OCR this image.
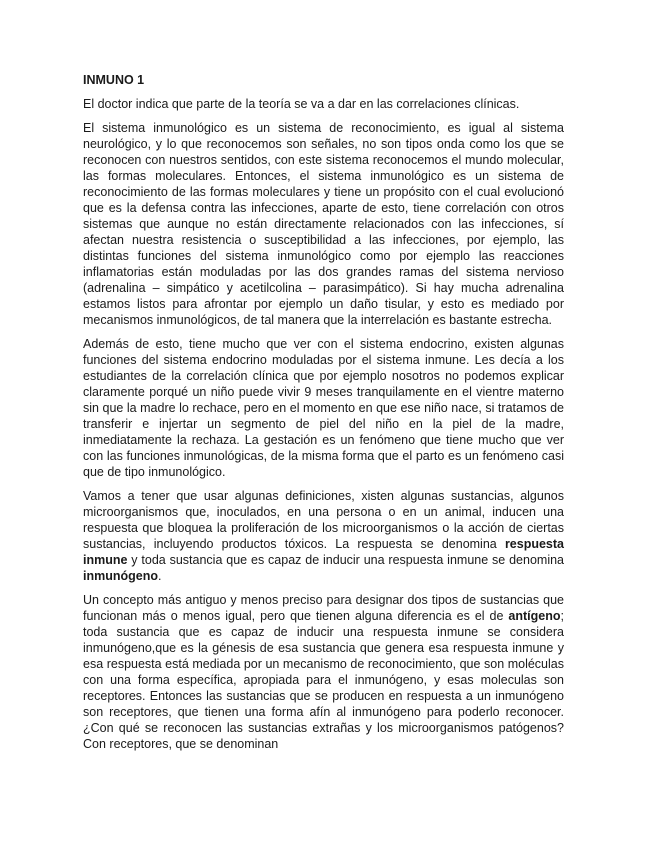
INMUNO 1

El doctor indica que parte de la teoría se va a dar en las correlaciones clínicas.

El sistema inmunológico es un sistema de reconocimiento, es igual al sistema neurológico, y lo que reconocemos son señales, no son tipos onda como los que se reconocen con nuestros sentidos, con este sistema reconocemos el mundo molecular, las formas moleculares. Entonces, el sistema inmunológico es un sistema de reconocimiento de las formas moleculares y tiene un propósito con el cual evolucionó que es la defensa contra las infecciones, aparte de esto, tiene correlación con otros sistemas que aunque no están directamente relacionados con las infecciones, sí afectan nuestra resistencia o susceptibilidad a las infecciones, por ejemplo, las distintas funciones del sistema inmunológico como por ejemplo las reacciones inflamatorias están moduladas por las dos grandes ramas del sistema nervioso (adrenalina – simpático y acetilcolina – parasimpático). Si hay mucha adrenalina estamos listos para afrontar por ejemplo un daño tisular, y esto es mediado por mecanismos inmunológicos, de tal manera que la interrelación es bastante estrecha.

Además de esto, tiene mucho que ver con el sistema endocrino, existen algunas funciones del sistema endocrino moduladas por el sistema inmune. Les decía a los estudiantes de la correlación clínica que por ejemplo nosotros no podemos explicar claramente porqué un niño puede vivir 9 meses tranquilamente en el vientre materno sin que la madre lo rechace, pero en el momento en que ese niño nace, si tratamos de transferir e injertar un segmento de piel del niño en la piel de la madre, inmediatamente la rechaza. La gestación es un fenómeno que tiene mucho que ver con las funciones inmunológicas, de la misma forma que el parto es un fenómeno casi que de tipo inmunológico.

Vamos a tener que usar algunas definiciones, xisten algunas sustancias, algunos microorganismos que, inoculados, en una persona o en un animal, inducen una respuesta que bloquea la proliferación de los microorganismos o la acción de ciertas sustancias, incluyendo productos tóxicos. La respuesta se denomina respuesta inmune y toda sustancia que es capaz de inducir una respuesta inmune se denomina inmunógeno.

Un concepto más antiguo y menos preciso para designar dos tipos de sustancias que funcionan más o menos igual, pero que tienen alguna diferencia es el de antígeno; toda sustancia que es capaz de inducir una respuesta inmune se considera inmunógeno,que es la génesis de esa sustancia que genera esa respuesta inmune y esa respuesta está mediada por un mecanismo de reconocimiento, que son moléculas con una forma específica, apropiada para el inmunógeno, y esas moleculas son receptores. Entonces las sustancias que se producen en respuesta a un inmunógeno son receptores, que tienen una forma afín al inmunógeno para poderlo reconocer. ¿Con qué se reconocen las sustancias extrañas y los microorganismos patógenos? Con receptores, que se denominan
